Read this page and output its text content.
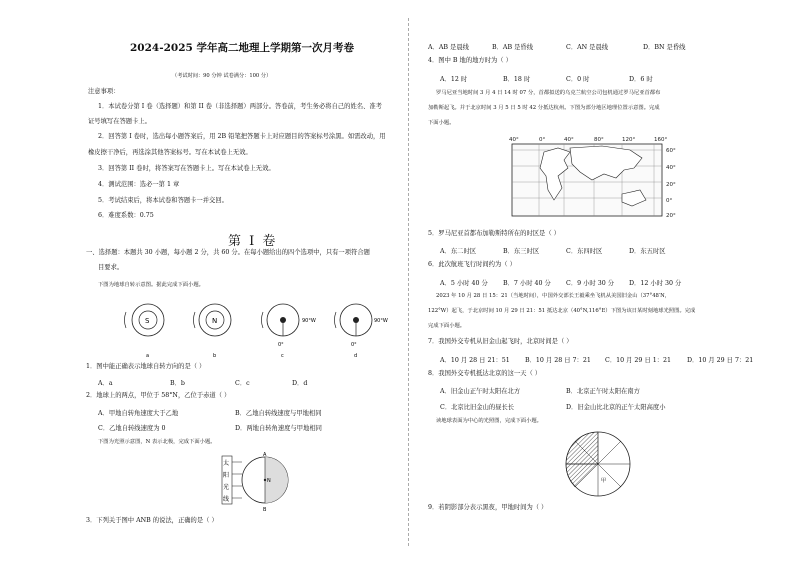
2024-2025 学年高二地理上学期第一次月考卷
（考试时间：90 分钟 试卷满分：100 分）
注意事项：
1．本试卷分第 I 卷（选择题）和第 II 卷（非选择题）两部分。答卷前，考生务必将自己的姓名、准考
证号填写在答题卡上。
2．回答第 I 卷时，选出每小题答案后，用 2B 铅笔把答题卡上对应题目的答案标号涂黑。如需改动，用
橡皮擦干净后，再选涂其他答案标号。写在本试卷上无效。
3．回答第 II 卷时，将答案写在答题卡上。写在本试卷上无效。
4．测试范围：选必一第 1 章
5．考试结束后，将本试卷和答题卡一并交回。
6．难度系数：0.75
第 I 卷
一、选择题：本题共 30 小题，每小题 2 分，共 60 分。在每小题给出的四个选项中，只有一项符合题
目要求。
下图为地球自转示意图。据此完成下面小题。
S	N
0°
90°W
0°
90°W
a	b	c	d
1．图中能正确表示地球自转方向的是（ ）
A．a	B．b	C．c	D．d
2．地球上的两点，甲位于 58°N，乙位于赤道（ ）
A．甲地自转角速度大于乙地	B．乙地自转线速度与甲地相同
C．乙地自转线速度为 0	D．两地自转角速度与甲地相同
下图为光照示意图，N 表示北极，完成下面小题。
太
阳
光
线
A
N
B
3．下列关于图中 ANB 的说法，正确的是（ ）
A．AB 是晨线	B．AB 是昏线	C．AN 是晨线	D．BN 是昏线
4．图中 B 地的地方时为（ ）
A．12 时	B．18 时	C．0 时	D．6 时
罗马尼亚当地时间 3 月 4 日 14 时 07 分，首都拟送的乌克兰航空公司包机通过罗马尼亚首都布
加勒斯起飞。并于北京时间 3 月 5 日 5 时 42 分抵达杭州。下图为部分地区地理位置示意图。完成
下面小题。
40°	0°	40°	80°	120°	160°
60°
40°
20°
0°
20°
5．罗马尼亚首都布加勒斯特所在的时区是（ ）
A．东二时区	B．东三时区	C．东四时区	D．东五时区
6．此次航班飞行时间约为（ ）
A．5 小时 40 分 B．7 小时 40 分 C．9 小时 30 分 D．12 小时 30 分
2023 年 10 月 28 日 15：21（当地时间），中国外交部长王毅乘坐飞机从美国旧金山（37°48′N，
122°W）起飞，于北京时间 10 月 29 日 21：51 抵达北京（40°N,116°E）下图为该日某时刻地球光照图。完成
完成下面小题。
7．我国外交专机从旧金山起飞时，北京时间是（ ）
A．10 月 28 日 21：51 B．10 月 28 日 7：21 C．10 月 29 日 1：21	D．10 月 29 日 7：21
8．我国外交专机抵达北京的这一天（ ）
A．旧金山正午时太阳在北方	B．北京正午时太阳在南方
C．北京比旧金山的昼长长	D．旧金山比北京的正午太阳高度小
读地球表面为中心的光照图，完成下面小题。
甲
9．若阴影部分表示黑夜，甲地时间为（ ）
